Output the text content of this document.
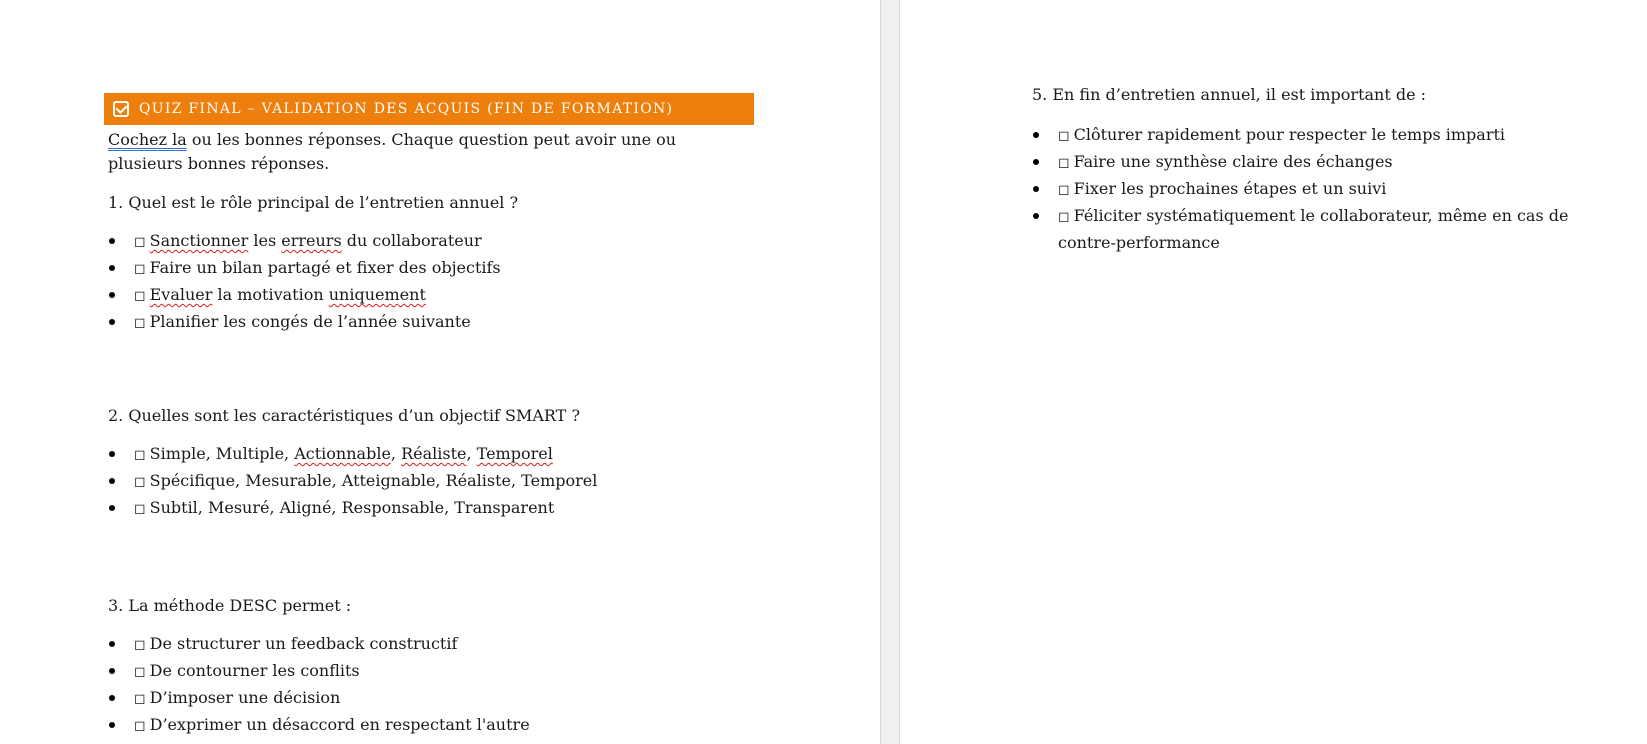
QUIZ FINAL – VALIDATION DES ACQUIS (FIN DE FORMATION)

Cochez la ou les bonnes réponses. Chaque question peut avoir une ou plusieurs bonnes réponses.

1. Quel est le rôle principal de l’entretien annuel ?

◻ Sanctionner les erreurs du collaborateur
◻ Faire un bilan partagé et fixer des objectifs
◻ Evaluer la motivation uniquement
◻ Planifier les congés de l’année suivante

2. Quelles sont les caractéristiques d’un objectif SMART ?

◻ Simple, Multiple, Actionnable, Réaliste, Temporel
◻ Spécifique, Mesurable, Atteignable, Réaliste, Temporel
◻ Subtil, Mesuré, Aligné, Responsable, Transparent

3. La méthode DESC permet :

◻ De structurer un feedback constructif
◻ De contourner les conflits
◻ D’imposer une décision
◻ D’exprimer un désaccord en respectant l'autre

5. En fin d’entretien annuel, il est important de :

◻ Clôturer rapidement pour respecter le temps imparti
◻ Faire une synthèse claire des échanges
◻ Fixer les prochaines étapes et un suivi
◻ Féliciter systématiquement le collaborateur, même en cas de contre-performance
